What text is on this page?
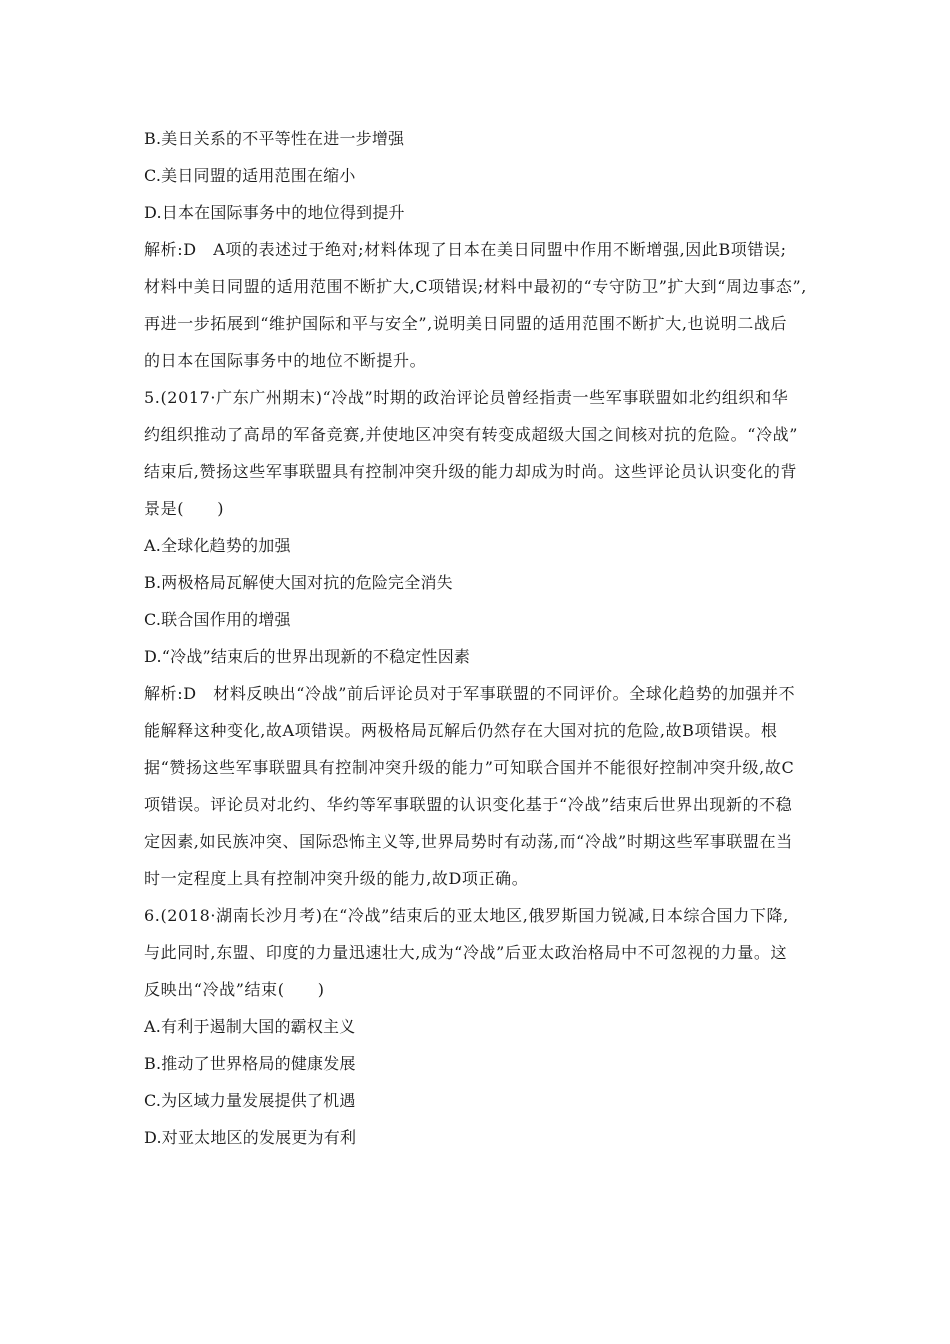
B.美日关系的不平等性在进一步增强
C.美日同盟的适用范围在缩小
D.日本在国际事务中的地位得到提升
解析:D　A项的表述过于绝对;材料体现了日本在美日同盟中作用不断增强,因此B项错误;
材料中美日同盟的适用范围不断扩大,C项错误;材料中最初的“专守防卫”扩大到“周边事态”,
再进一步拓展到“维护国际和平与安全”,说明美日同盟的适用范围不断扩大,也说明二战后
的日本在国际事务中的地位不断提升。
5.(2017·广东广州期末)“冷战”时期的政治评论员曾经指责一些军事联盟如北约组织和华
约组织推动了高昂的军备竞赛,并使地区冲突有转变成超级大国之间核对抗的危险。“冷战”
结束后,赞扬这些军事联盟具有控制冲突升级的能力却成为时尚。这些评论员认识变化的背
景是(　　)
A.全球化趋势的加强
B.两极格局瓦解使大国对抗的危险完全消失
C.联合国作用的增强
D.“冷战”结束后的世界出现新的不稳定性因素
解析:D　材料反映出“冷战”前后评论员对于军事联盟的不同评价。全球化趋势的加强并不
能解释这种变化,故A项错误。两极格局瓦解后仍然存在大国对抗的危险,故B项错误。根
据“赞扬这些军事联盟具有控制冲突升级的能力”可知联合国并不能很好控制冲突升级,故C
项错误。评论员对北约、华约等军事联盟的认识变化基于“冷战”结束后世界出现新的不稳
定因素,如民族冲突、国际恐怖主义等,世界局势时有动荡,而“冷战”时期这些军事联盟在当
时一定程度上具有控制冲突升级的能力,故D项正确。
6.(2018·湖南长沙月考)在“冷战”结束后的亚太地区,俄罗斯国力锐减,日本综合国力下降,
与此同时,东盟、印度的力量迅速壮大,成为“冷战”后亚太政治格局中不可忽视的力量。这
反映出“冷战”结束(　　)
A.有利于遏制大国的霸权主义
B.推动了世界格局的健康发展
C.为区域力量发展提供了机遇
D.对亚太地区的发展更为有利
